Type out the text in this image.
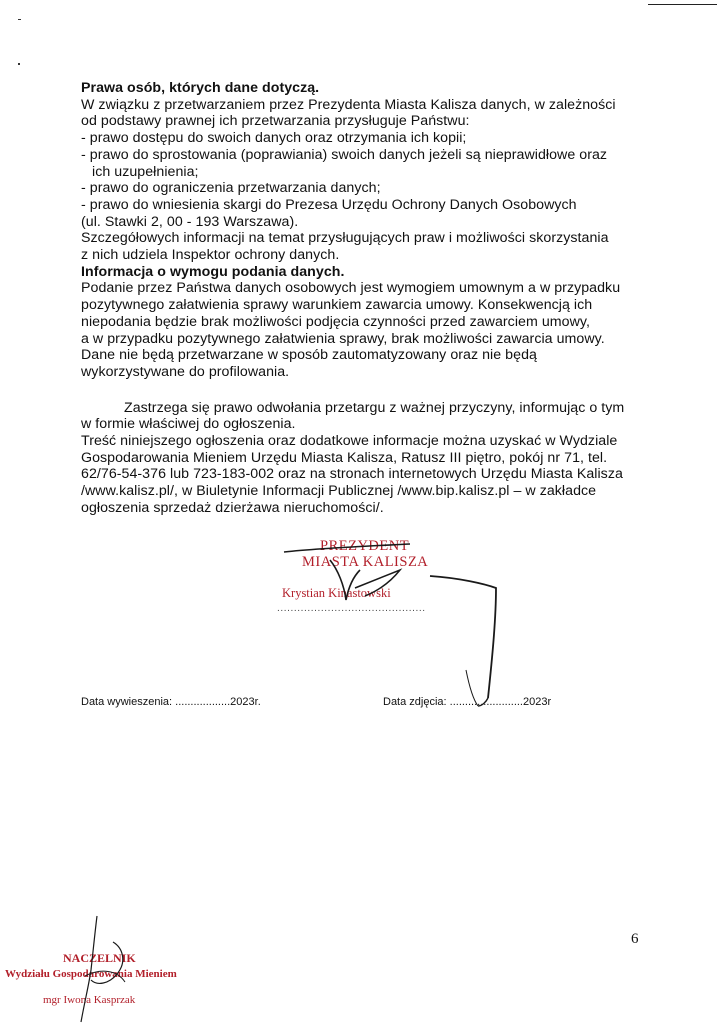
Prawa osób, których dane dotyczą.
W związku z przetwarzaniem przez Prezydenta Miasta Kalisza danych, w zależności
od podstawy prawnej ich przetwarzania przysługuje Państwu:
- prawo dostępu do swoich danych oraz otrzymania ich kopii;
- prawo do sprostowania (poprawiania) swoich danych jeżeli są nieprawidłowe oraz
ich uzupełnienia;
- prawo do ograniczenia przetwarzania danych;
- prawo do wniesienia skargi do Prezesa Urzędu Ochrony Danych Osobowych
(ul. Stawki 2, 00 - 193 Warszawa).
Szczegółowych informacji na temat przysługujących praw i możliwości skorzystania
z nich udziela Inspektor ochrony danych.
Informacja o wymogu podania danych.
Podanie przez Państwa danych osobowych jest wymogiem umownym a w przypadku
pozytywnego załatwienia sprawy warunkiem zawarcia umowy. Konsekwencją ich
niepodania będzie brak możliwości podjęcia czynności przed zawarciem umowy,
a w przypadku pozytywnego załatwienia sprawy, brak możliwości zawarcia umowy.
Dane nie będą przetwarzane w sposób zautomatyzowany oraz nie będą
wykorzystywane do profilowania.
Zastrzega się prawo odwołania przetargu z ważnej przyczyny, informując o tym
w formie właściwej do ogłoszenia.
Treść niniejszego ogłoszenia oraz dodatkowe informacje można uzyskać w Wydziale
Gospodarowania Mieniem Urzędu Miasta Kalisza, Ratusz III piętro, pokój nr 71, tel.
62/76-54-376 lub 723-183-002 oraz na stronach internetowych Urzędu Miasta Kalisza
/www.kalisz.pl/, w Biuletynie Informacji Publicznej /www.bip.kalisz.pl – w zakładce
ogłoszenia sprzedaż dzierżawa nieruchomości/.
PREZYDENT
MIASTA KALISZA
Krystian Kinastowski
............................................
Data wywieszenia: ..................2023r.	Data zdjęcia: ........................2023r
6
NACZELNIK
Wydziału Gospodarowania Mieniem
mgr Iwona Kasprzak
